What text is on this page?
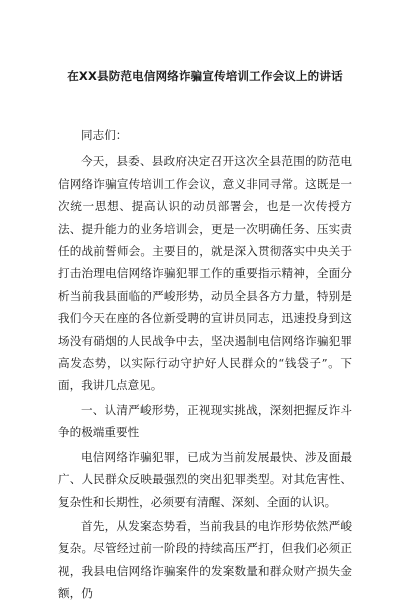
在XX县防范电信网络诈骗宣传培训工作会议上的讲话

同志们：

今天，县委、县政府决定召开这次全县范围的防范电信网络诈骗宣传培训工作会议，意义非同寻常。这既是一次统一思想、提高认识的动员部署会，也是一次传授方法、提升能力的业务培训会，更是一次明确任务、压实责任的战前誓师会。主要目的，就是深入贯彻落实中央关于打击治理电信网络诈骗犯罪工作的重要指示精神，全面分析当前我县面临的严峻形势，动员全县各方力量，特别是我们今天在座的各位新受聘的宣讲员同志，迅速投身到这场没有硝烟的人民战争中去，坚决遏制电信网络诈骗犯罪高发态势，以实际行动守护好人民群众的“钱袋子”。下面，我讲几点意见。

一、认清严峻形势，正视现实挑战，深刻把握反诈斗争的极端重要性

电信网络诈骗犯罪，已成为当前发展最快、涉及面最广、人民群众反映最强烈的突出犯罪类型。对其危害性、复杂性和长期性，必须要有清醒、深刻、全面的认识。

首先，从发案态势看，当前我县的电诈形势依然严峻复杂。尽管经过前一阶段的持续高压严打，但我们必须正视，我县电信网络诈骗案件的发案数量和群众财产损失金额，仍
